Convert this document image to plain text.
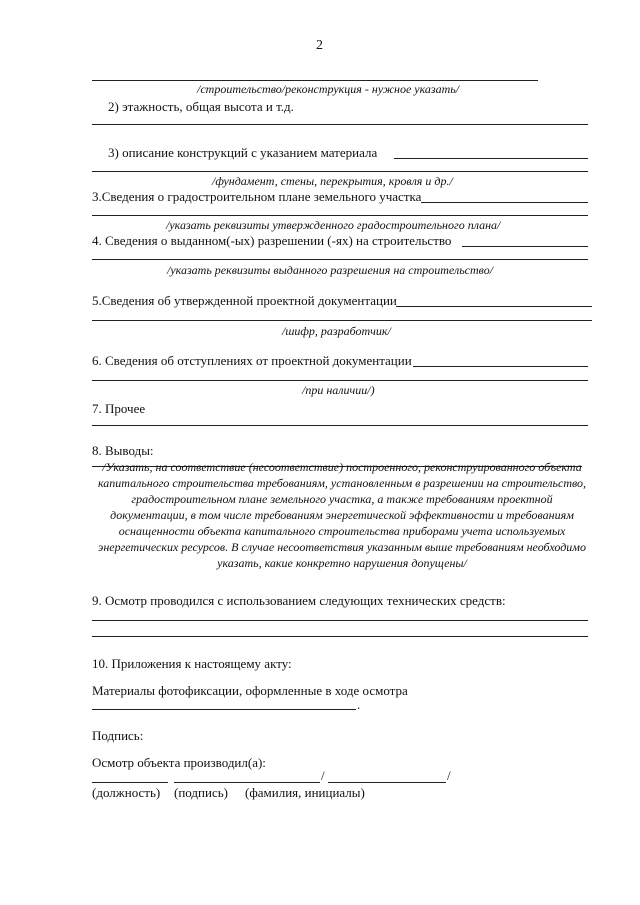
2
/строительство/реконструкция - нужное указать/
2) этажность, общая высота и т.д.
3) описание конструкций с указанием материала
/фундамент, стены, перекрытия, кровля и др./
3.Сведения о градостроительном плане земельного участка
/указать реквизиты утвержденного градостроительного плана/
4. Сведения о выданном(-ых) разрешении (-ях) на строительство
/указать реквизиты выданного разрешения на строительство/
5.Сведения об утвержденной проектной документации
/шифр, разработчик/
6. Сведения об отступлениях от проектной документации
/при наличии/)
7. Прочее
8. Выводы:
/Указать, на соответствие (несоответствие) построенного, реконструированного объекта капитального строительства требованиям, установленным в разрешении на строительство, градостроительном плане земельного участка, а также требованиям проектной документации, в том числе требованиям энергетической эффективности и требованиям оснащенности объекта капитального строительства приборами учета используемых энергетических ресурсов. В случае несоответствия указанным выше требованиям необходимо указать, какие конкретно нарушения допущены/
9. Осмотр проводился с использованием следующих технических средств:
10. Приложения к настоящему акту:
Материалы фотофиксации, оформленные в ходе осмотра
.
Подпись:
Осмотр объекта производил(а):
/	/
(должность) (подпись) (фамилия, инициалы)
